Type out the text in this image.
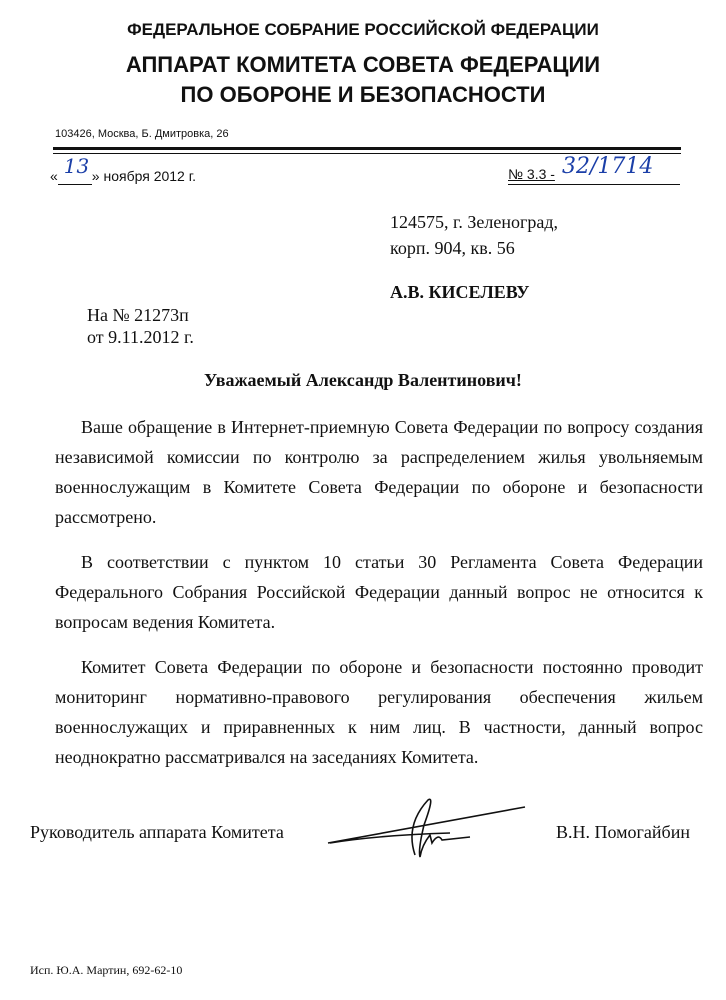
ФЕДЕРАЛЬНОЕ СОБРАНИЕ РОССИЙСКОЙ ФЕДЕРАЦИИ
АППАРАТ КОМИТЕТА СОВЕТА ФЕДЕРАЦИИ
ПО ОБОРОНЕ И БЕЗОПАСНОСТИ
103426, Москва, Б. Дмитровка, 26
« 13 » ноября 2012 г.	№ 3.3 - 32/1714
124575, г. Зеленоград,
корп. 904, кв. 56
А.В. КИСЕЛЕВУ
На № 21273п
от 9.11.2012 г.
Уважаемый Александр Валентинович!

Ваше обращение в Интернет-приемную Совета Федерации по вопросу создания независимой комиссии по контролю за распределением жилья увольняемым военнослужащим в Комитете Совета Федерации по обороне и безопасности рассмотрено.

В соответствии с пунктом 10 статьи 30 Регламента Совета Федерации Федерального Собрания Российской Федерации данный вопрос не относится к вопросам ведения Комитета.

Комитет Совета Федерации по обороне и безопасности постоянно проводит мониторинг нормативно-правового регулирования обеспечения жильем военнослужащих и приравненных к ним лиц. В частности, данный вопрос неоднократно рассматривался на заседаниях Комитета.

Руководитель аппарата Комитета	В.Н. Помогайбин
Исп. Ю.А. Мартин, 692-62-10
